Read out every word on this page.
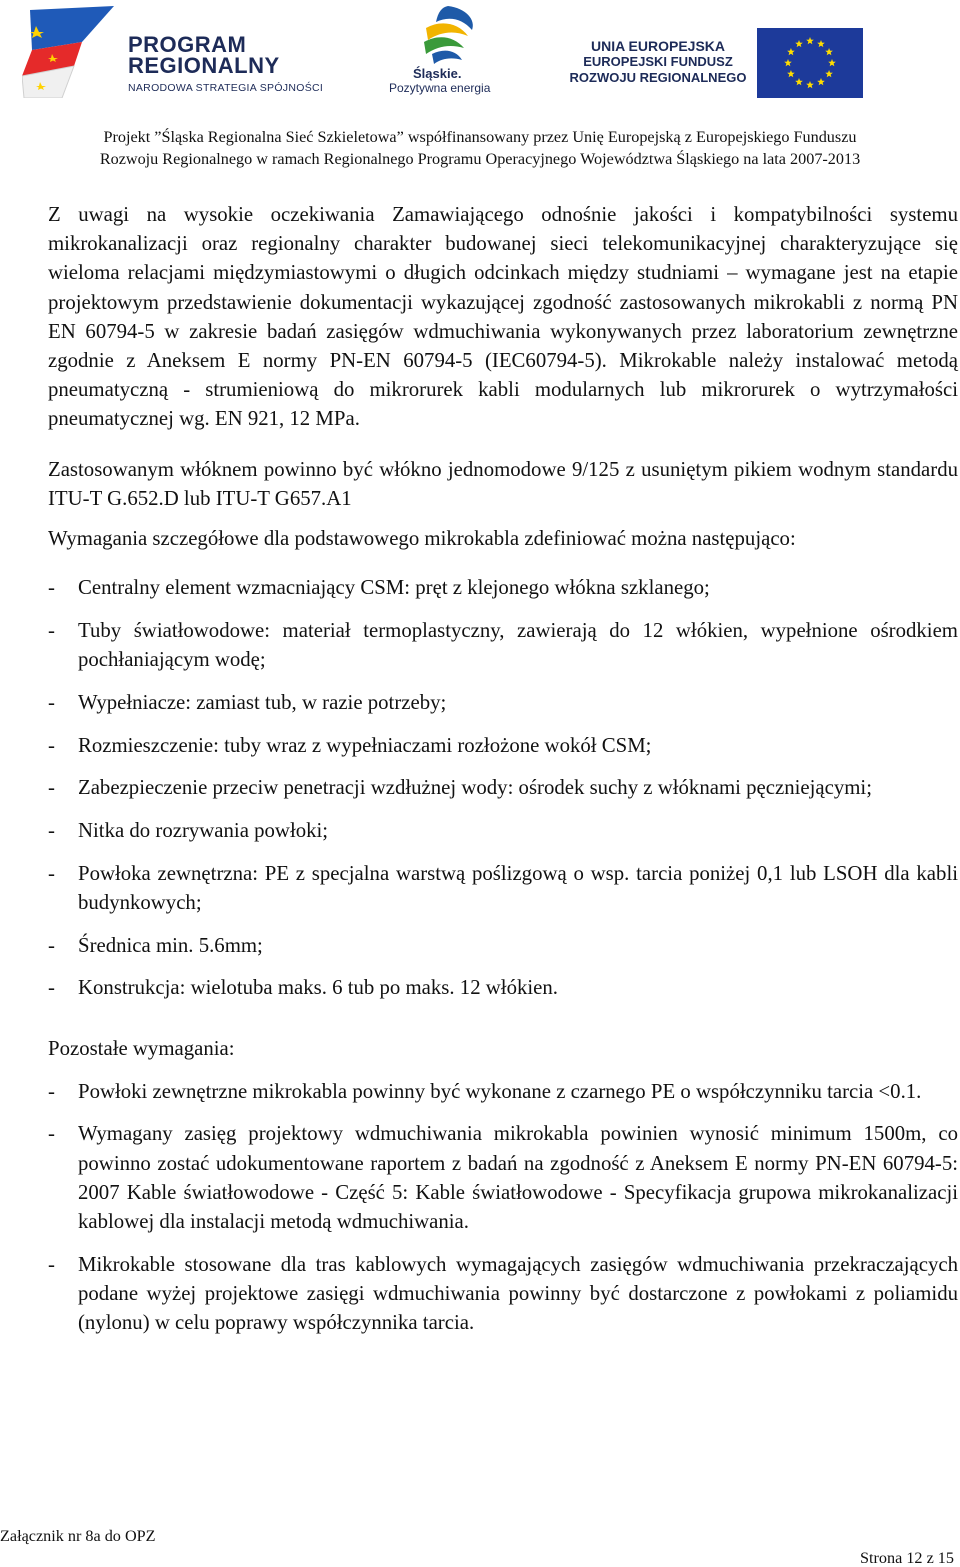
PROGRAM
REGIONALNY
NARODOWA STRATEGIA SPÓJNOŚCI
Śląskie.
Pozytywna energia
UNIA EUROPEJSKA
EUROPEJSKI FUNDUSZ
ROZWOJU REGIONALNEGO
Projekt ”Śląska Regionalna Sieć Szkieletowa” współfinansowany przez Unię Europejską z Europejskiego Funduszu
Rozwoju Regionalnego w ramach Regionalnego Programu Operacyjnego Województwa Śląskiego na lata 2007-2013

Z uwagi na wysokie oczekiwania Zamawiającego odnośnie jakości i kompatybilności systemu mikrokanalizacji oraz regionalny charakter budowanej sieci telekomunikacyjnej charakteryzujące się wieloma relacjami międzymiastowymi o długich odcinkach między studniami – wymagane jest na etapie projektowym przedstawienie dokumentacji wykazującej zgodność zastosowanych mikrokabli z normą PN EN 60794-5 w zakresie badań zasięgów wdmuchiwania wykonywanych przez laboratorium zewnętrzne zgodnie z Aneksem E normy PN-EN 60794-5 (IEC60794-5). Mikrokable należy instalować metodą pneumatyczną - strumieniową do mikrorurek kabli modularnych lub mikrorurek o wytrzymałości pneumatycznej wg. EN 921, 12 MPa.

Zastosowanym włóknem powinno być włókno jednomodowe 9/125 z usuniętym pikiem wodnym standardu ITU-T G.652.D lub ITU-T G657.A1

Wymagania szczegółowe dla podstawowego mikrokabla zdefiniować można następująco:

- Centralny element wzmacniający CSM: pręt z klejonego włókna szklanego;
- Tuby światłowodowe: materiał termoplastyczny, zawierają do 12 włókien, wypełnione ośrodkiem pochłaniającym wodę;
- Wypełniacze: zamiast tub, w razie potrzeby;
- Rozmieszczenie: tuby wraz z wypełniaczami rozłożone wokół CSM;
- Zabezpieczenie przeciw penetracji wzdłużnej wody: ośrodek suchy z włóknami pęczniejącymi;
- Nitka do rozrywania powłoki;
- Powłoka zewnętrzna: PE z specjalna warstwą poślizgową o wsp. tarcia poniżej 0,1 lub LSOH dla kabli budynkowych;
- Średnica min. 5.6mm;
- Konstrukcja: wielotuba maks. 6 tub po maks. 12 włókien.

Pozostałe wymagania:

- Powłoki zewnętrzne mikrokabla powinny być wykonane z czarnego PE o współczynniku tarcia <0.1.
- Wymagany zasięg projektowy wdmuchiwania mikrokabla powinien wynosić minimum 1500m, co powinno zostać udokumentowane raportem z badań na zgodność z Aneksem E normy PN-EN 60794-5: 2007 Kable światłowodowe - Część 5: Kable światłowodowe - Specyfikacja grupowa mikrokanalizacji kablowej dla instalacji metodą wdmuchiwania.
- Mikrokable stosowane dla tras kablowych wymagających zasięgów wdmuchiwania przekraczających podane wyżej projektowe zasięgi wdmuchiwania powinny być dostarczone z powłokami z poliamidu (nylonu) w celu poprawy współczynnika tarcia.
Załącznik nr 8a do OPZ
Strona 12 z 15
